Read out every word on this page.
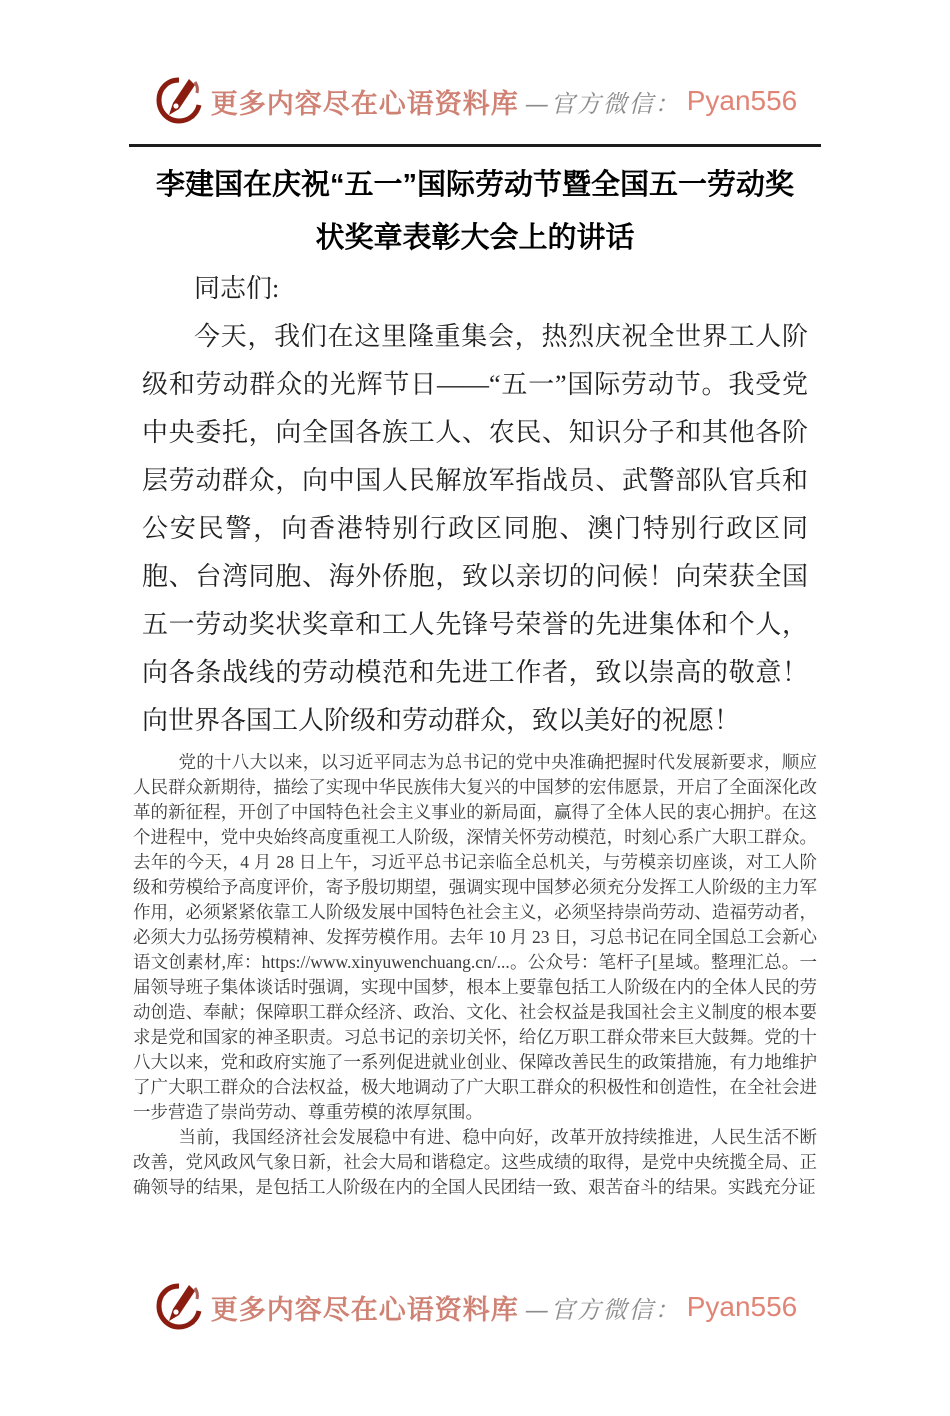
更多内容尽在心语资料库 —官方微信： Pyan556
李建国在庆祝“五一”国际劳动节暨全国五一劳动奖状奖章表彰大会上的讲话

同志们:

今天，我们在这里隆重集会，热烈庆祝全世界工人阶级和劳动群众的光辉节日——“五一”国际劳动节。我受党中央委托，向全国各族工人、农民、知识分子和其他各阶层劳动群众，向中国人民解放军指战员、武警部队官兵和公安民警，向香港特别行政区同胞、澳门特别行政区同胞、台湾同胞、海外侨胞，致以亲切的问候！向荣获全国五一劳动奖状奖章和工人先锋号荣誉的先进集体和个人，向各条战线的劳动模范和先进工作者，致以崇高的敬意！向世界各国工人阶级和劳动群众，致以美好的祝愿！

党的十八大以来，以习近平同志为总书记的党中央准确把握时代发展新要求，顺应人民群众新期待，描绘了实现中华民族伟大复兴的中国梦的宏伟愿景，开启了全面深化改革的新征程，开创了中国特色社会主义事业的新局面，赢得了全体人民的衷心拥护。在这个进程中，党中央始终高度重视工人阶级，深情关怀劳动模范，时刻心系广大职工群众。去年的今天，4 月 28 日上午，习近平总书记亲临全总机关，与劳模亲切座谈，对工人阶级和劳模给予高度评价，寄予殷切期望，强调实现中国梦必须充分发挥工人阶级的主力军作用，必须紧紧依靠工人阶级发展中国特色社会主义，必须坚持崇尚劳动、造福劳动者，必须大力弘扬劳模精神、发挥劳模作用。去年 10 月 23 日，习总书记在同全国总工会新心语文创素材,库：https://www.xinyuwenchuang.cn/...。公众号：笔杆子[星域。整理汇总。一届领导班子集体谈话时强调，实现中国梦，根本上要靠包括工人阶级在内的全体人民的劳动创造、奉献；保障职工群众经济、政治、文化、社会权益是我国社会主义制度的根本要求是党和国家的神圣职责。习总书记的亲切关怀，给亿万职工群众带来巨大鼓舞。党的十八大以来，党和政府实施了一系列促进就业创业、保障改善民生的政策措施，有力地维护了广大职工群众的合法权益，极大地调动了广大职工群众的积极性和创造性，在全社会进一步营造了崇尚劳动、尊重劳模的浓厚氛围。

当前，我国经济社会发展稳中有进、稳中向好，改革开放持续推进，人民生活不断改善，党风政风气象日新，社会大局和谐稳定。这些成绩的取得，是党中央统揽全局、正确领导的结果，是包括工人阶级在内的全国人民团结一致、艰苦奋斗的结果。实践充分证

更多内容尽在心语资料库 —官方微信： Pyan556
